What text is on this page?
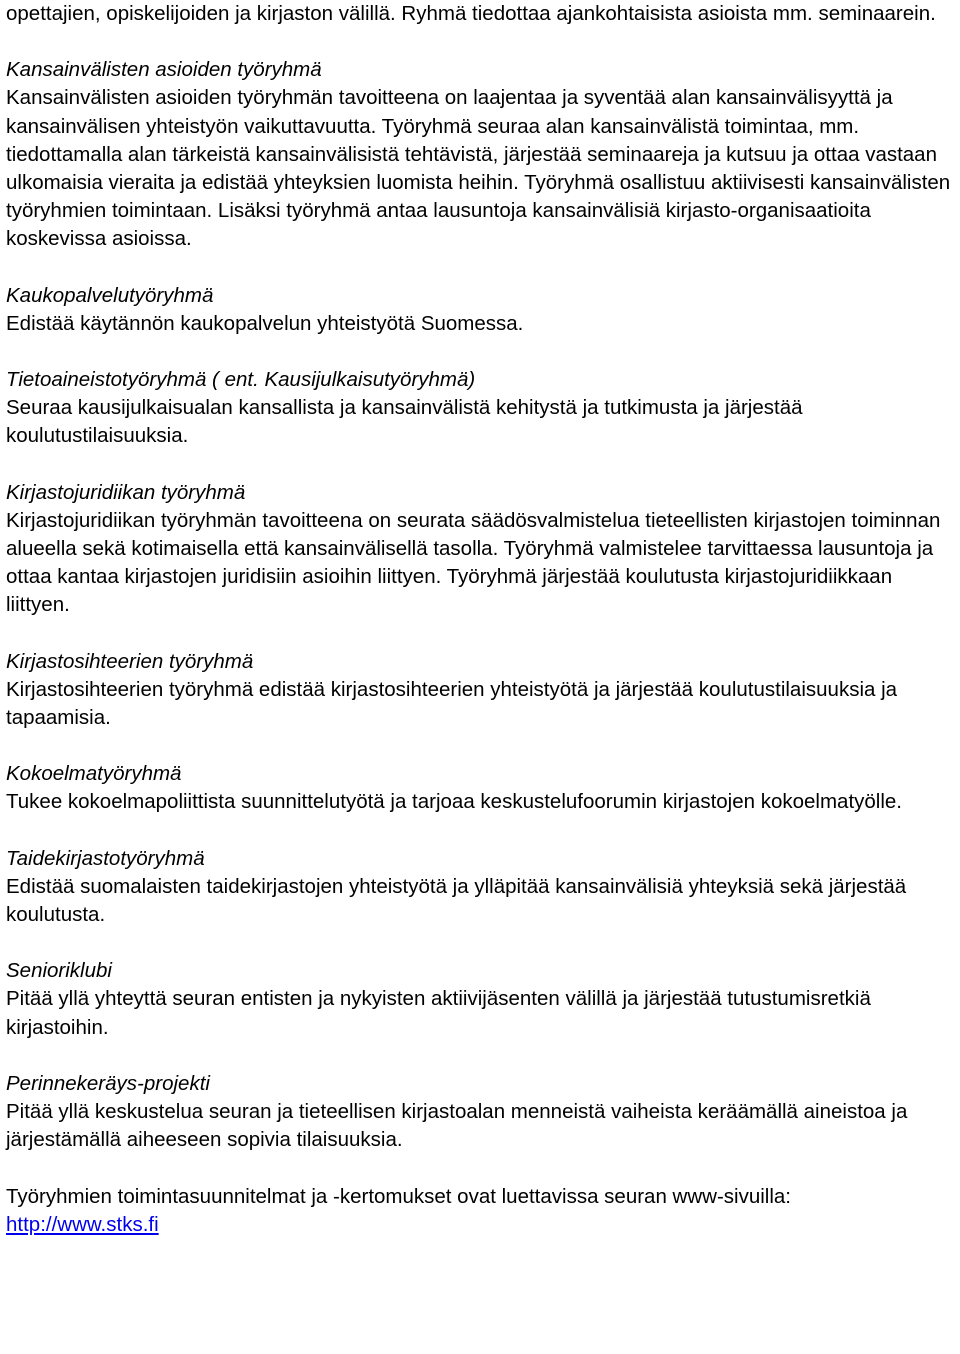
opettajien, opiskelijoiden ja kirjaston välillä. Ryhmä tiedottaa ajankohtaisista asioista mm. seminaarein.

Kansainvälisten asioiden työryhmä

Kansainvälisten asioiden työryhmän tavoitteena on laajentaa ja syventää alan kansainvälisyyttä ja kansainvälisen yhteistyön vaikuttavuutta. Työryhmä seuraa alan kansainvälistä toimintaa, mm. tiedottamalla alan tärkeistä kansainvälisistä tehtävistä, järjestää seminaareja ja kutsuu ja ottaa vastaan ulkomaisia vieraita ja edistää yhteyksien luomista heihin. Työryhmä osallistuu aktiivisesti kansainvälisten työryhmien toimintaan. Lisäksi työryhmä antaa lausuntoja kansainvälisiä kirjasto-organisaatioita koskevissa asioissa.

Kaukopalvelutyöryhmä

Edistää käytännön kaukopalvelun yhteistyötä Suomessa.

Tietoaineistotyöryhmä ( ent. Kausijulkaisutyöryhmä)

Seuraa kausijulkaisualan kansallista ja kansainvälistä kehitystä ja tutkimusta ja järjestää koulutustilaisuuksia.

Kirjastojuridiikan työryhmä

Kirjastojuridiikan työryhmän tavoitteena on seurata säädösvalmistelua tieteellisten kirjastojen toiminnan alueella sekä kotimaisella että kansainvälisellä tasolla. Työryhmä valmistelee tarvittaessa lausuntoja ja ottaa kantaa kirjastojen juridisiin asioihin liittyen. Työryhmä järjestää koulutusta kirjastojuridiikkaan liittyen.

Kirjastosihteerien työryhmä

Kirjastosihteerien työryhmä edistää kirjastosihteerien yhteistyötä ja järjestää koulutustilaisuuksia ja tapaamisia.

Kokoelmatyöryhmä

Tukee kokoelmapoliittista suunnittelutyötä ja tarjoaa keskustelufoorumin kirjastojen kokoelmatyölle.

Taidekirjastotyöryhmä

Edistää suomalaisten taidekirjastojen yhteistyötä ja ylläpitää kansainvälisiä yhteyksiä sekä järjestää koulutusta.

Senioriklubi

Pitää yllä yhteyttä seuran entisten ja nykyisten aktiivijäsenten välillä ja järjestää tutustumisretkiä kirjastoihin.

Perinnekeräys-projekti

Pitää yllä keskustelua seuran ja tieteellisen kirjastoalan menneistä vaiheista keräämällä aineistoa ja järjestämällä aiheeseen sopivia tilaisuuksia.

Työryhmien toimintasuunnitelmat ja -kertomukset ovat luettavissa seuran www-sivuilla:
http://www.stks.fi
